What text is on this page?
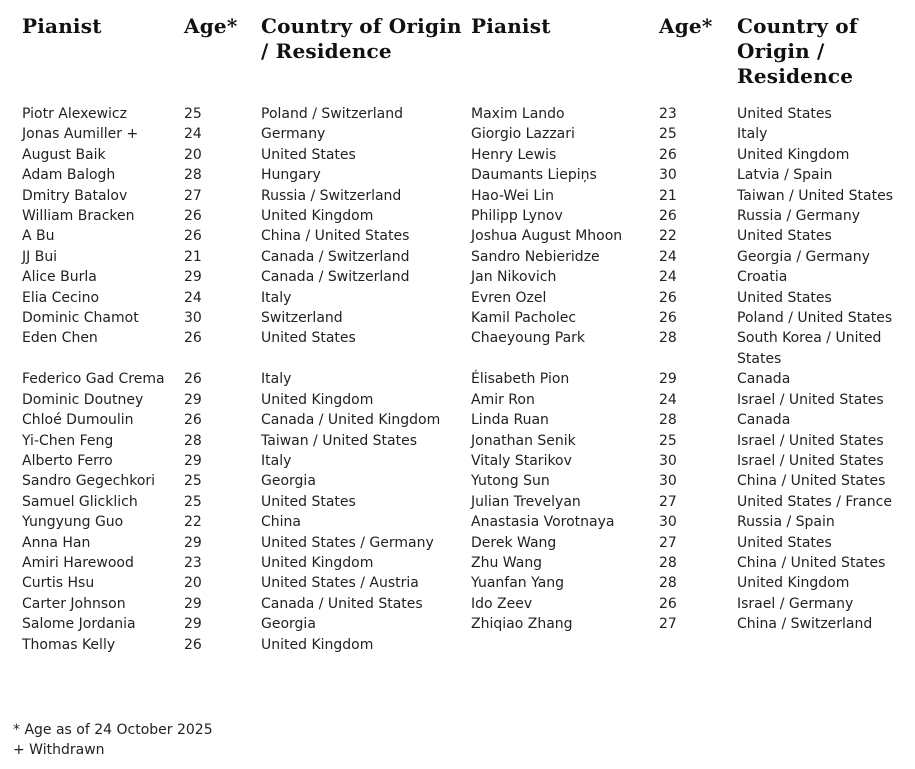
Pianist	Age*	Country of Origin / Residence
Pianist	Age*	Country of Origin / Residence
Piotr Alexewicz	25	Poland / Switzerland	Maxim Lando	23	United States
Jonas Aumiller +	24	Germany	Giorgio Lazzari	25	Italy
August Baik	20	United States	Henry Lewis	26	United Kingdom
Adam Balogh	28	Hungary	Daumants Liepiņs	30	Latvia / Spain
Dmitry Batalov	27	Russia / Switzerland	Hao-Wei Lin	21	Taiwan / United States
William Bracken	26	United Kingdom	Philipp Lynov	26	Russia / Germany
A Bu	26	China / United States	Joshua August Mhoon	22	United States
JJ Bui	21	Canada / Switzerland	Sandro Nebieridze	24	Georgia / Germany
Alice Burla	29	Canada / Switzerland	Jan Nikovich	24	Croatia
Elia Cecino	24	Italy	Evren Ozel	26	United States
Dominic Chamot	30	Switzerland	Kamil Pacholec	26	Poland / United States
Eden Chen	26	United States	Chaeyoung Park	28	South Korea / United States
Federico Gad Crema	26	Italy	Élisabeth Pion	29	Canada
Dominic Doutney	29	United Kingdom	Amir Ron	24	Israel / United States
Chloé Dumoulin	26	Canada / United Kingdom	Linda Ruan	28	Canada
Yi-Chen Feng	28	Taiwan / United States	Jonathan Senik	25	Israel / United States
Alberto Ferro	29	Italy	Vitaly Starikov	30	Israel / United States
Sandro Gegechkori	25	Georgia	Yutong Sun	30	China / United States
Samuel Glicklich	25	United States	Julian Trevelyan	27	United States / France
Yungyung Guo	22	China	Anastasia Vorotnaya	30	Russia / Spain
Anna Han	29	United States / Germany	Derek Wang	27	United States
Amiri Harewood	23	United Kingdom	Zhu Wang	28	China / United States
Curtis Hsu	20	United States / Austria	Yuanfan Yang	28	United Kingdom
Carter Johnson	29	Canada / United States	Ido Zeev	26	Israel / Germany
Salome Jordania	29	Georgia	Zhiqiao Zhang	27	China / Switzerland
Thomas Kelly	26	United Kingdom
* Age as of 24 October 2025
+ Withdrawn
